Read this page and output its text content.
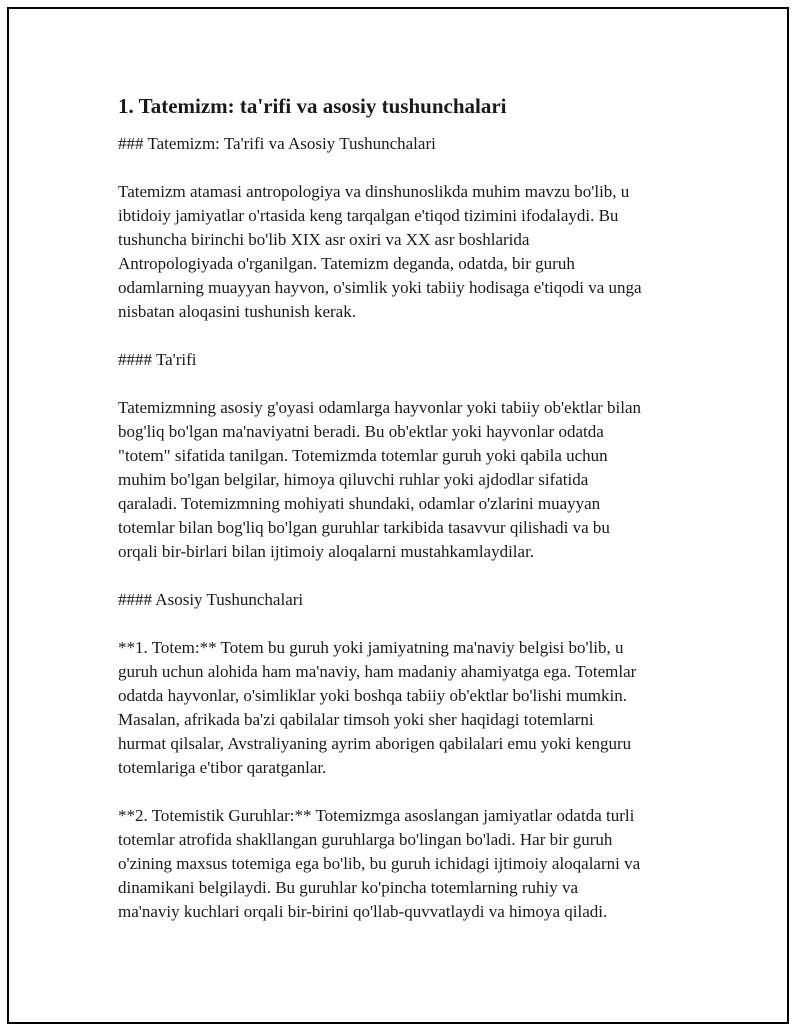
1. Tatemizm: ta'rifi va asosiy tushunchalari

### Tatemizm: Ta'rifi va Asosiy Tushunchalari

Tatemizm atamasi antropologiya va dinshunoslikda muhim mavzu bo'lib, u

ibtidoiy jamiyatlar o'rtasida keng tarqalgan e'tiqod tizimini ifodalaydi. Bu

tushuncha birinchi bo'lib XIX asr oxiri va XX asr boshlarida

Antropologiyada o'rganilgan. Tatemizm deganda, odatda, bir guruh

odamlarning muayyan hayvon, o'simlik yoki tabiiy hodisaga e'tiqodi va unga

nisbatan aloqasini tushunish kerak.

#### Ta'rifi

Tatemizmning asosiy g'oyasi odamlarga hayvonlar yoki tabiiy ob'ektlar bilan

bog'liq bo'lgan ma'naviyatni beradi. Bu ob'ektlar yoki hayvonlar odatda

"totem" sifatida tanilgan. Totemizmda totemlar guruh yoki qabila uchun

muhim bo'lgan belgilar, himoya qiluvchi ruhlar yoki ajdodlar sifatida

qaraladi. Totemizmning mohiyati shundaki, odamlar o'zlarini muayyan

totemlar bilan bog'liq bo'lgan guruhlar tarkibida tasavvur qilishadi va bu

orqali bir-birlari bilan ijtimoiy aloqalarni mustahkamlaydilar.

#### Asosiy Tushunchalari

**1. Totem:** Totem bu guruh yoki jamiyatning ma'naviy belgisi bo'lib, u

guruh uchun alohida ham ma'naviy, ham madaniy ahamiyatga ega. Totemlar

odatda hayvonlar, o'simliklar yoki boshqa tabiiy ob'ektlar bo'lishi mumkin.

Masalan, afrikada ba'zi qabilalar timsoh yoki sher haqidagi totemlarni

hurmat qilsalar, Avstraliyaning ayrim aborigen qabilalari emu yoki kenguru

totemlariga e'tibor qaratganlar.

**2. Totemistik Guruhlar:** Totemizmga asoslangan jamiyatlar odatda turli

totemlar atrofida shakllangan guruhlarga bo'lingan bo'ladi. Har bir guruh

o'zining maxsus totemiga ega bo'lib, bu guruh ichidagi ijtimoiy aloqalarni va

dinamikani belgilaydi. Bu guruhlar ko'pincha totemlarning ruhiy va

ma'naviy kuchlari orqali bir-birini qo'llab-quvvatlaydi va himoya qiladi.
